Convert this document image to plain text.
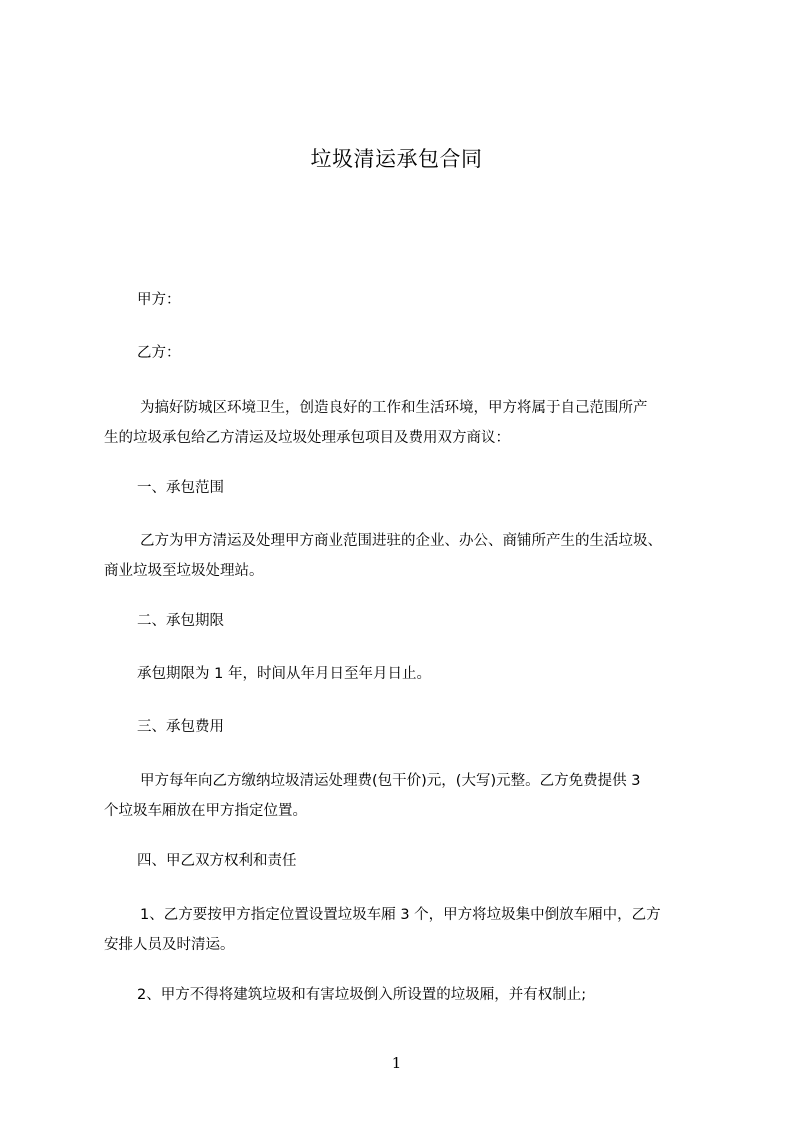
垃圾清运承包合同
甲方：
乙方：
为搞好防城区环境卫生，创造良好的工作和生活环境，甲方将属于自己范围所产
生的垃圾承包给乙方清运及垃圾处理承包项目及费用双方商议：
一、承包范围
乙方为甲方清运及处理甲方商业范围进驻的企业、办公、商铺所产生的生活垃圾、
商业垃圾至垃圾处理站。
二、承包期限
承包期限为 1 年，时间从年月日至年月日止。
三、承包费用
甲方每年向乙方缴纳垃圾清运处理费(包干价)元，(大写)元整。乙方免费提供 3
个垃圾车厢放在甲方指定位置。
四、甲乙双方权利和责任
1、乙方要按甲方指定位置设置垃圾车厢 3 个，甲方将垃圾集中倒放车厢中，乙方
安排人员及时清运。
2、甲方不得将建筑垃圾和有害垃圾倒入所设置的垃圾厢，并有权制止;
1
